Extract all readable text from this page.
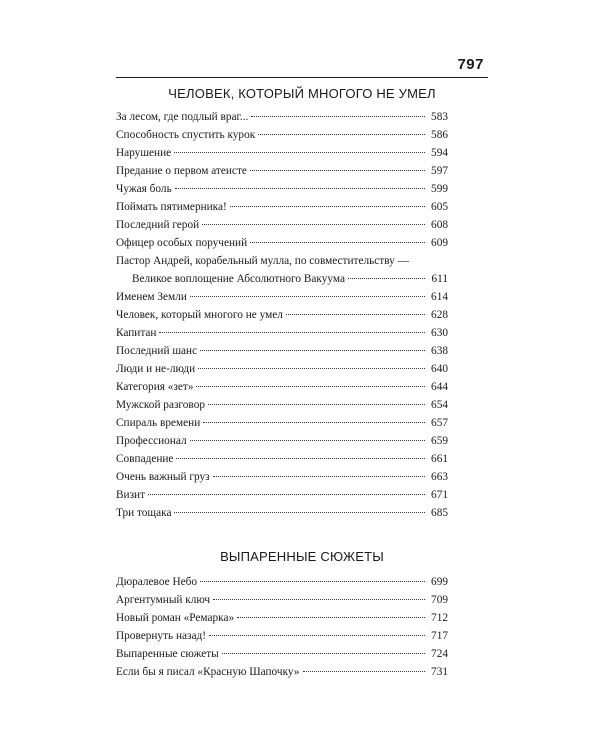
797
ЧЕЛОВЕК, КОТОРЫЙ МНОГОГО НЕ УМЕЛ
За лесом, где подлый враг...	583
Способность спустить курок	586
Нарушение	594
Предание о первом атеисте	597
Чужая боль	599
Поймать пятимерника!	605
Последний герой	608
Офицер особых поручений	609
Пастор Андрей, корабельный мулла, по совместительству —
Великое воплощение Абсолютного Вакуума	611
Именем Земли	614
Человек, который многого не умел	628
Капитан	630
Последний шанс	638
Люди и не-люди	640
Категория «зет»	644
Мужской разговор	654
Спираль времени	657
Профессионал	659
Совпадение	661
Очень важный груз	663
Визит	671
Три тощака	685
ВЫПАРЕННЫЕ СЮЖЕТЫ
Дюралевое Небо	699
Аргентумный ключ	709
Новый роман «Ремарка»	712
Провернуть назад!	717
Выпаренные сюжеты	724
Если бы я писал «Красную Шапочку»	731
